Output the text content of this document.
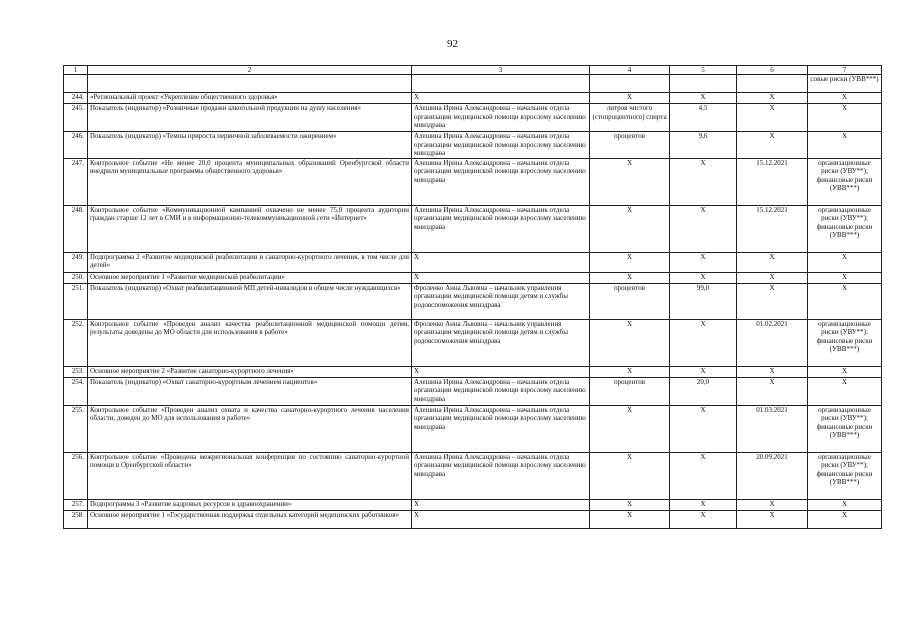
92
1	2	3	4	5	6	7
						совые риски (УВВ***)
244.	«Региональный проект «Укрепление общественного здоровья»	X	X	X	X	X
245.	Показатель (индикатор) «Розничные продажи алкогольной продукции на душу населения»	Алешина Ирина Александровна – начальник отдела организации медицинской помощи взрослому населению минздрава	литров чистого (стопроцентного) спирта	4,5	X	X
246.	Показатель (индикатор) «Темпы прироста первичной заболеваемости ожирением»	Алешина Ирина Александровна – начальник отдела организации медицинской помощи взрослому населению минздрава	процентов	9,6	X	X
247.	Контрольное событие «Не менее 20,0 процента муниципальных образований Оренбургской области внедрили муниципальные программы общественного здоровья»	Алешина Ирина Александровна – начальник отдела организации медицинской помощи взрослому населению минздрава	X	X	15.12.2021	организационные риски (УВУ**); финансовые риски (УВВ***)
248.	Контрольное событие «Коммуникационной кампанией охвачено не менее 75,0 процента аудитории граждан старше 12 лет в СМИ и в информационно-телекоммуникационной сети «Интернет»	Алешина Ирина Александровна – начальник отдела организации медицинской помощи взрослому населению минздрава	X	X	15.12.2021	организационные риски (УВУ**); финансовые риски (УВВ***)
249.	Подпрограмма 2 «Развитие медицинской реабилитации и санаторно-курортного лечения, в том числе для детей»	X	X	X	X	X
250.	Основное мероприятие 1 «Развитие медицинской реабилитации»	X	X	X	X	X
251.	Показатель (индикатор) «Охват реабилитационной МП детей-инвалидов в общем числе нуждающихся»	Фроленко Анна Львовна – начальник управления организации медицинской помощи детям и службы родовспоможения минздрава	процентов	99,0	X	X
252.	Контрольное событие «Проведен анализ качества реабилитационной медицинской помощи детям, результаты доведены до МО области для использования в работе»	Фроленко Анна Львовна – начальник управления организации медицинской помощи детям и службы родовспоможения минздрава	X	X	01.02.2021	организационные риски (УВУ**); финансовые риски (УВВ***)
253.	Основное мероприятие 2 «Развитие санаторно-курортного лечения»	X	X	X	X	X
254.	Показатель (индикатор) «Охват санаторно-курортным лечением пациентов»	Алешина Ирина Александровна – начальник отдела организации медицинской помощи взрослому населению минздрава	процентов	20,0	X	X
255.	Контрольное событие «Проведен анализ охвата и качества санаторно-курортного лечения населения области, доведен до МО для использования в работе»	Алешина Ирина Александровна – начальник отдела организации медицинской помощи взрослому населению минздрава	X	X	01.03.2021	организационные риски (УВУ**); финансовые риски (УВВ***)
256.	Контрольное событие «Проведена межрегиональная конференция по состоянию санаторно-курортной помощи в Оренбургской области»	Алешина Ирина Александровна – начальник отдела организации медицинской помощи взрослому населению минздрава	X	X	20.09.2021	организационные риски (УВУ**); финансовые риски (УВВ***)
257.	Подпрограмма 3 «Развитие кадровых ресурсов в здравоохранении»	X	X	X	X	X
258.	Основное мероприятие 1 «Государственная поддержка отдельных категорий медицинских работников»	X	X	X	X	X
